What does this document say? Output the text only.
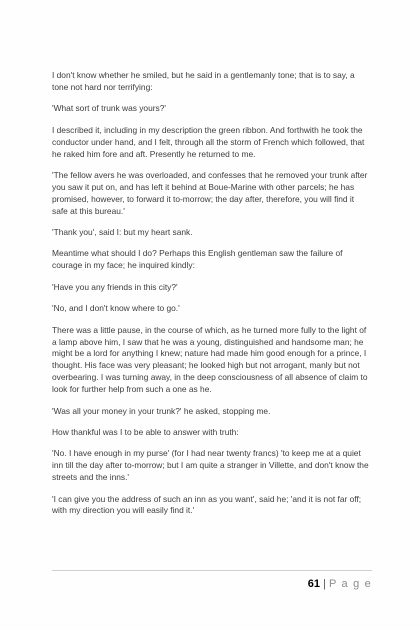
I don't know whether he smiled, but he said in a gentlemanly tone; that is to say, a tone not hard nor terrifying:

'What sort of trunk was yours?'

I described it, including in my description the green ribbon. And forthwith he took the conductor under hand, and I felt, through all the storm of French which followed, that he raked him fore and aft. Presently he returned to me.

'The fellow avers he was overloaded, and confesses that he removed your trunk after you saw it put on, and has left it behind at Boue-Marine with other parcels; he has promised, however, to forward it to-morrow; the day after, therefore, you will find it safe at this bureau.'

'Thank you', said I: but my heart sank.

Meantime what should I do? Perhaps this English gentleman saw the failure of courage in my face; he inquired kindly:

'Have you any friends in this city?'

'No, and I don't know where to go.'

There was a little pause, in the course of which, as he turned more fully to the light of a lamp above him, I saw that he was a young, distinguished and handsome man; he might be a lord for anything I knew; nature had made him good enough for a prince, I thought. His face was very pleasant; he looked high but not arrogant, manly but not overbearing. I was turning away, in the deep consciousness of all absence of claim to look for further help from such a one as he.

'Was all your money in your trunk?' he asked, stopping me.

How thankful was I to be able to answer with truth:

'No. I have enough in my purse' (for I had near twenty francs) 'to keep me at a quiet inn till the day after to-morrow; but I am quite a stranger in Villette, and don't know the streets and the inns.'

'I can give you the address of such an inn as you want', said he; 'and it is not far off; with my direction you will easily find it.'

61 | P a g e
